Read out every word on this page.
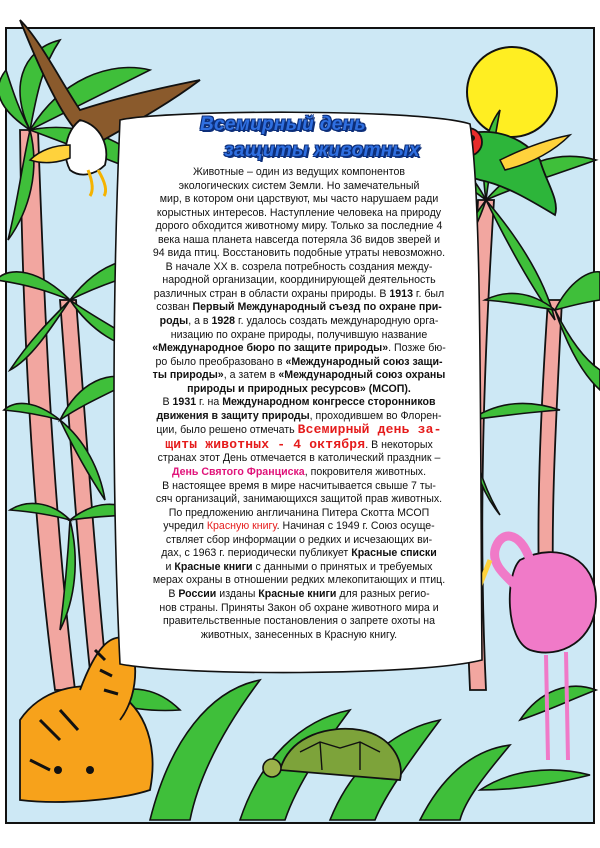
Всемирный день
защиты животных
Животные – один из ведущих компонентов
экологических систем Земли. Но замечательный
мир, в котором они царствуют, мы часто нарушаем ради
корыстных интересов. Наступление человека на природу
дорого обходится животному миру. Только за последние 4
века наша планета навсегда потеряла 36 видов зверей и
94 вида птиц. Восстановить подобные утраты невозможно.
В начале XX в. созрела потребность создания между-
народной организации, координирующей деятельность
различных стран в области охраны природы. В 1913 г. был
созван Первый Международный съезд по охране при-
роды, а в 1928 г. удалось создать международную орга-
низацию по охране природы, получившую название
«Международное бюро по защите природы». Позже бю-
ро было преобразовано в «Международный союз защи-
ты природы», а затем в «Международный союз охраны
природы и природных ресурсов» (МСОП).
В 1931 г. на Международном конгрессе сторонников
движения в защиту природы, проходившем во Флорен-
ции, было решено отмечать Всемирный день за-
щиты животных - 4 октября. В некоторых
странах этот День отмечается в католический праздник –
День Святого Франциска, покровителя животных.
В настоящее время в мире насчитывается свыше 7 ты-
сяч организаций, занимающихся защитой прав животных.
По предложению англичанина Питера Скотта МСОП
учредил Красную книгу. Начиная с 1949 г. Союз осуще-
ствляет сбор информации о редких и исчезающих ви-
дах, с 1963 г. периодически публикует Красные списки
и Красные книги с данными о принятых и требуемых
мерах охраны в отношении редких млекопитающих и птиц.
В России изданы Красные книги для разных регио-
нов страны. Приняты Закон об охране животного мира и
правительственные постановления о запрете охоты на
животных, занесенных в Красную книгу.
